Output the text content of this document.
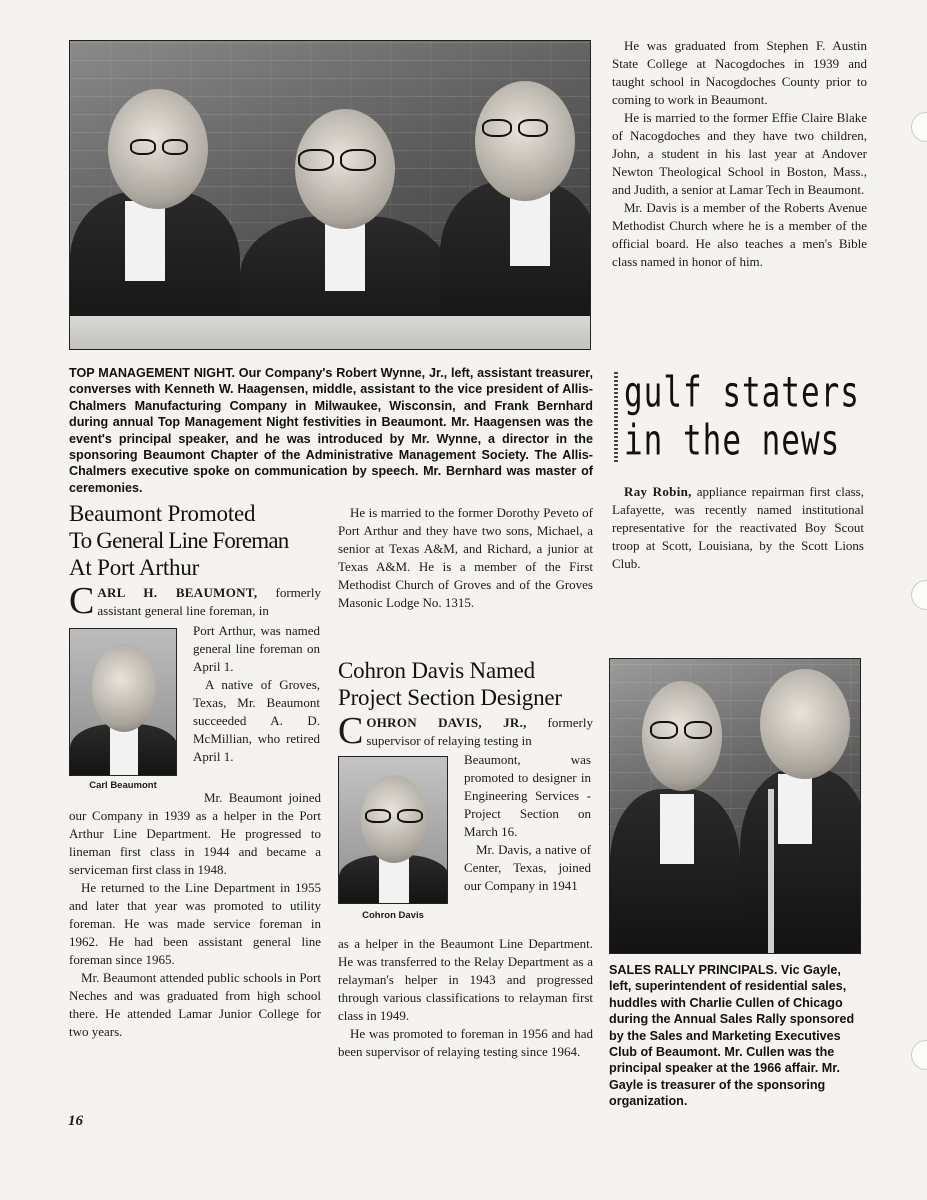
TOP MANAGEMENT NIGHT. Our Company's Robert Wynne, Jr., left, assistant treasurer, converses with Kenneth W. Haagensen, middle, assistant to the vice president of Allis-Chalmers Manufacturing Company in Milwaukee, Wisconsin, and Frank Bernhard during annual Top Management Night festivities in Beaumont. Mr. Haagensen was the event's principal speaker, and he was introduced by Mr. Wynne, a director in the sponsoring Beaumont Chapter of the Administrative Management Society. The Allis-Chalmers executive spoke on communication by speech. Mr. Bernhard was master of ceremonies.

He was graduated from Stephen F. Austin State College at Nacogdoches in 1939 and taught school in Nacogdoches County prior to coming to work in Beaumont.

He is married to the former Effie Claire Blake of Nacogdoches and they have two children, John, a student in his last year at Andover Newton Theological School in Boston, Mass., and Judith, a senior at Lamar Tech in Beaumont.

Mr. Davis is a member of the Roberts Avenue Methodist Church where he is a member of the official board. He also teaches a men's Bible class named in honor of him.

gulf staters
in the news

Ray Robin, appliance repairman first class, Lafayette, was recently named institutional representative for the reactivated Boy Scout troop at Scott, Louisiana, by the Scott Lions Club.

Beaumont Promoted
To General Line Foreman
At Port Arthur
C ARL H. BEAUMONT, formerly assistant general line foreman, in
Carl Beaumont

Port Arthur, was named general line foreman on April 1.

A native of Groves, Texas, Mr. Beaumont succeeded A. D. McMillian, who retired April 1.

Mr. Beaumont joined our Company in 1939 as a helper in the Port Arthur Line Department. He progressed to lineman first class in 1944 and became a serviceman first class in 1948.

He returned to the Line Department in 1955 and later that year was promoted to utility foreman. He was made service foreman in 1962. He had been assistant general line foreman since 1965.

Mr. Beaumont attended public schools in Port Neches and was graduated from high school there. He attended Lamar Junior College for two years.

He is married to the former Dorothy Peveto of Port Arthur and they have two sons, Michael, a senior at Texas A&M, and Richard, a junior at Texas A&M. He is a member of the First Methodist Church of Groves and of the Groves Masonic Lodge No. 1315.

Cohron Davis Named
Project Section Designer
C OHRON DAVIS, JR., formerly supervisor of relaying testing in
Cohron Davis

Beaumont, was promoted to designer in Engineering Services - Project Section on March 16.

Mr. Davis, a native of Center, Texas, joined our Company in 1941

as a helper in the Beaumont Line Department. He was transferred to the Relay Department as a relayman's helper in 1943 and progressed through various classifications to relayman first class in 1949.

He was promoted to foreman in 1956 and had been supervisor of relaying testing since 1964.

SALES RALLY PRINCIPALS. Vic Gayle, left, superintendent of residential sales, huddles with Charlie Cullen of Chicago during the Annual Sales Rally sponsored by the Sales and Marketing Executives Club of Beaumont. Mr. Cullen was the principal speaker at the 1966 affair. Mr. Gayle is treasurer of the sponsoring organization.
16
